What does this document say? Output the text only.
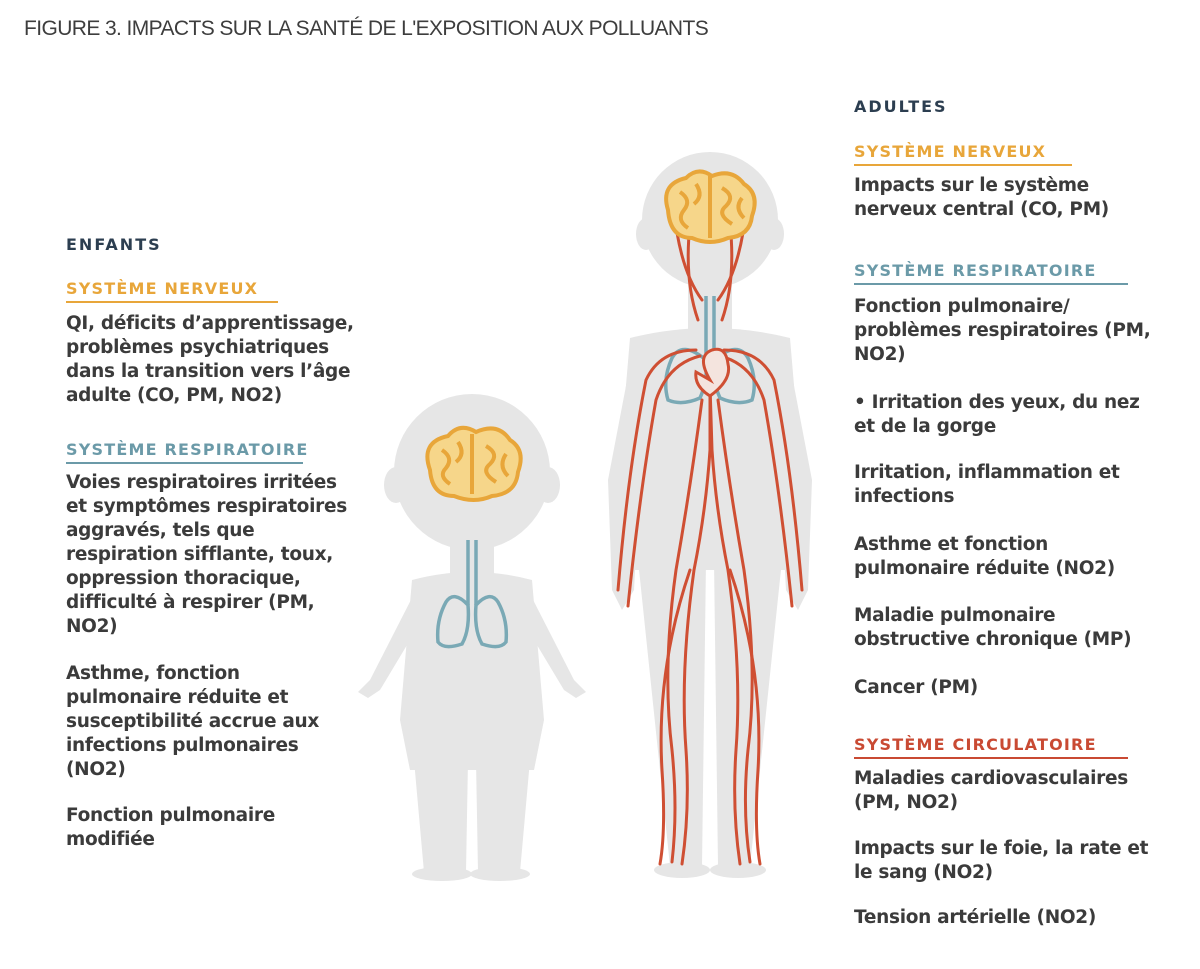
FIGURE 3. IMPACTS SUR LA SANTÉ DE L'EXPOSITION AUX POLLUANTS
ENFANTS
SYSTÈME NERVEUX
QI, déficits d’apprentissage,
problèmes psychiatriques
dans la transition vers l’âge
adulte (CO, PM, NO2)
SYSTÈME RESPIRATOIRE
Voies respiratoires irritées
et symptômes respiratoires
aggravés, tels que
respiration sifflante, toux,
oppression thoracique,
difficulté à respirer (PM,
NO2)
Asthme, fonction
pulmonaire réduite et
susceptibilité accrue aux
infections pulmonaires
(NO2)
Fonction pulmonaire
modifiée
ADULTES
SYSTÈME NERVEUX
Impacts sur le système
nerveux central (CO, PM)
SYSTÈME RESPIRATOIRE
Fonction pulmonaire/
problèmes respiratoires (PM,
NO2)
• Irritation des yeux, du nez
et de la gorge
Irritation, inflammation et
infections
Asthme et fonction
pulmonaire réduite (NO2)
Maladie pulmonaire
obstructive chronique (MP)
Cancer (PM)
SYSTÈME CIRCULATOIRE
Maladies cardiovasculaires
(PM, NO2)
Impacts sur le foie, la rate et
le sang (NO2)
Tension artérielle (NO2)
